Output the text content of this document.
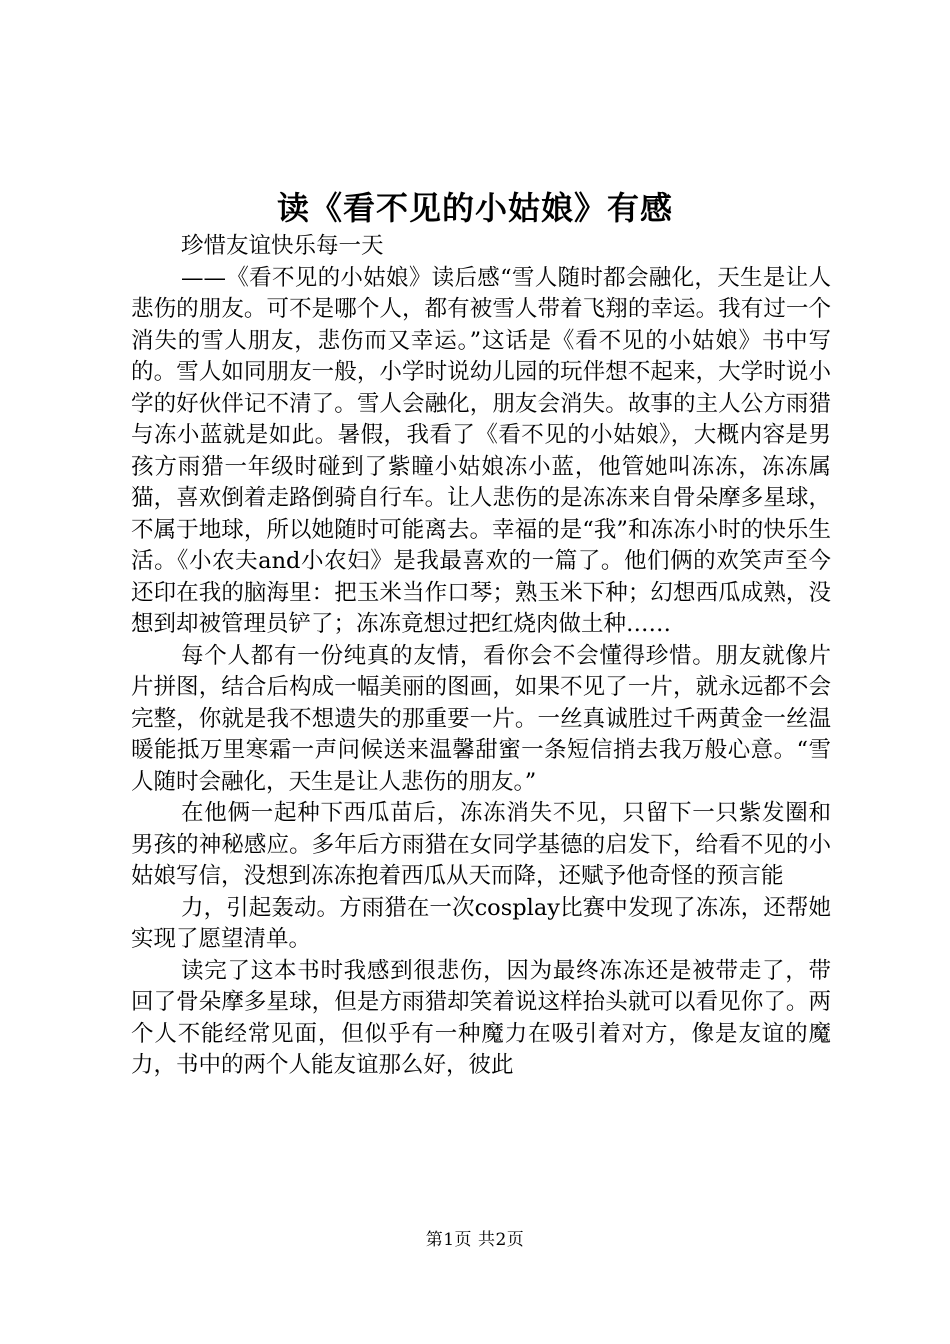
读《看不见的小姑娘》有感

珍惜友谊快乐每一天

——《看不见的小姑娘》读后感“雪人随时都会融化，天生是让人悲伤的朋友。可不是哪个人，都有被雪人带着飞翔的幸运。我有过一个消失的雪人朋友，悲伤而又幸运。”这话是《看不见的小姑娘》书中写的。雪人如同朋友一般，小学时说幼儿园的玩伴想不起来，大学时说小学的好伙伴记不清了。雪人会融化，朋友会消失。故事的主人公方雨猎与冻小蓝就是如此。暑假，我看了《看不见的小姑娘》，大概内容是男孩方雨猎一年级时碰到了紫瞳小姑娘冻小蓝，他管她叫冻冻，冻冻属猫，喜欢倒着走路倒骑自行车。让人悲伤的是冻冻来自骨朵摩多星球，不属于地球，所以她随时可能离去。幸福的是“我”和冻冻小时的快乐生活。《小农夫and小农妇》是我最喜欢的一篇了。他们俩的欢笑声至今还印在我的脑海里：把玉米当作口琴；熟玉米下种；幻想西瓜成熟，没想到却被管理员铲了；冻冻竟想过把红烧肉做土种……

每个人都有一份纯真的友情，看你会不会懂得珍惜。朋友就像片片拼图，结合后构成一幅美丽的图画，如果不见了一片，就永远都不会完整，你就是我不想遗失的那重要一片。一丝真诚胜过千两黄金一丝温暖能抵万里寒霜一声问候送来温馨甜蜜一条短信捎去我万般心意。“雪人随时会融化，天生是让人悲伤的朋友。”

在他俩一起种下西瓜苗后，冻冻消失不见，只留下一只紫发圈和男孩的神秘感应。多年后方雨猎在女同学基德的启发下，给看不见的小姑娘写信，没想到冻冻抱着西瓜从天而降，还赋予他奇怪的预言能

力，引起轰动。方雨猎在一次cosplay比赛中发现了冻冻，还帮她实现了愿望清单。

读完了这本书时我感到很悲伤，因为最终冻冻还是被带走了，带回了骨朵摩多星球，但是方雨猎却笑着说这样抬头就可以看见你了。两个人不能经常见面，但似乎有一种魔力在吸引着对方，像是友谊的魔力，书中的两个人能友谊那么好，彼此

第1页 共2页
